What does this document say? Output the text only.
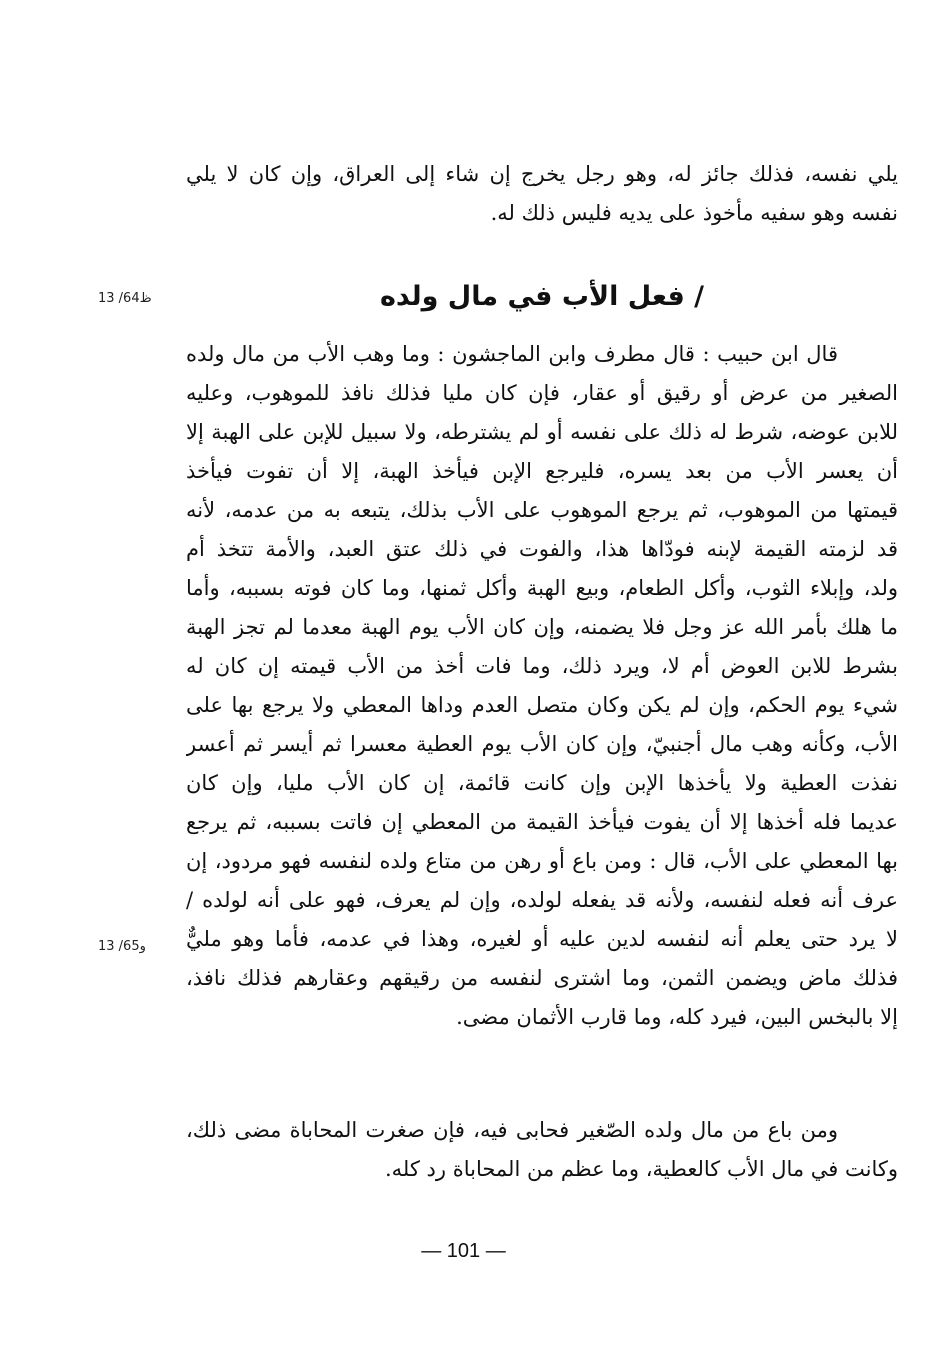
يلي نفسه، فذلك جائز له، وهو رجل يخرج إن شاء إلى العراق، وإن كان لا يلي
نفسه وهو سفيه مأخوذ على يديه فليس ذلك له.
13 /64ظ	/ فعل الأب في مال ولده
قال ابن حبيب : قال مطرف وابن الماجشون : وما وهب الأب من مال ولده
الصغير من عرض أو رقيق أو عقار، فإن كان مليا فذلك نافذ للموهوب، وعليه
للابن عوضه، شرط له ذلك على نفسه أو لم يشترطه، ولا سبيل للإبن على الهبة إلا
أن يعسر الأب من بعد يسره، فليرجع الإبن فيأخذ الهبة، إلا أن تفوت فيأخذ
قيمتها من الموهوب، ثم يرجع الموهوب على الأب بذلك، يتبعه به من عدمه، لأنه
قد لزمته القيمة لإبنه فودّاها هذا، والفوت في ذلك عتق العبد، والأمة تتخذ أم
ولد، وإبلاء الثوب، وأكل الطعام، وبيع الهبة وأكل ثمنها، وما كان فوته بسببه، وأما
ما هلك بأمر الله عز وجل فلا يضمنه، وإن كان الأب يوم الهبة معدما لم تجز الهبة
بشرط للابن العوض أم لا، ويرد ذلك، وما فات أخذ من الأب قيمته إن كان له
شيء يوم الحكم، وإن لم يكن وكان متصل العدم وداها المعطي ولا يرجع بها على
الأب، وكأنه وهب مال أجنبيّ، وإن كان الأب يوم العطية معسرا ثم أيسر ثم أعسر
نفذت العطية ولا يأخذها الإبن وإن كانت قائمة، إن كان الأب مليا، وإن كان
عديما فله أخذها إلا أن يفوت فيأخذ القيمة من المعطي إن فاتت بسببه، ثم يرجع
بها المعطي على الأب، قال : ومن باع أو رهن من متاع ولده لنفسه فهو مردود، إن
عرف أنه فعله لنفسه، ولأنه قد يفعله لولده، وإن لم يعرف، فهو على أنه لولده /
لا يرد حتى يعلم أنه لنفسه لدين عليه أو لغيره، وهذا في عدمه، فأما وهو مليٌّ
فذلك ماض ويضمن الثمن، وما اشترى لنفسه من رقيقهم وعقارهم فذلك نافذ،
إلا بالبخس البين، فيرد كله، وما قارب الأثمان مضى.
13 /65و
ومن باع من مال ولده الصّغير فحابى فيه، فإن صغرت المحاباة مضى ذلك،
وكانت في مال الأب كالعطية، وما عظم من المحاباة رد كله.
— 101 —
